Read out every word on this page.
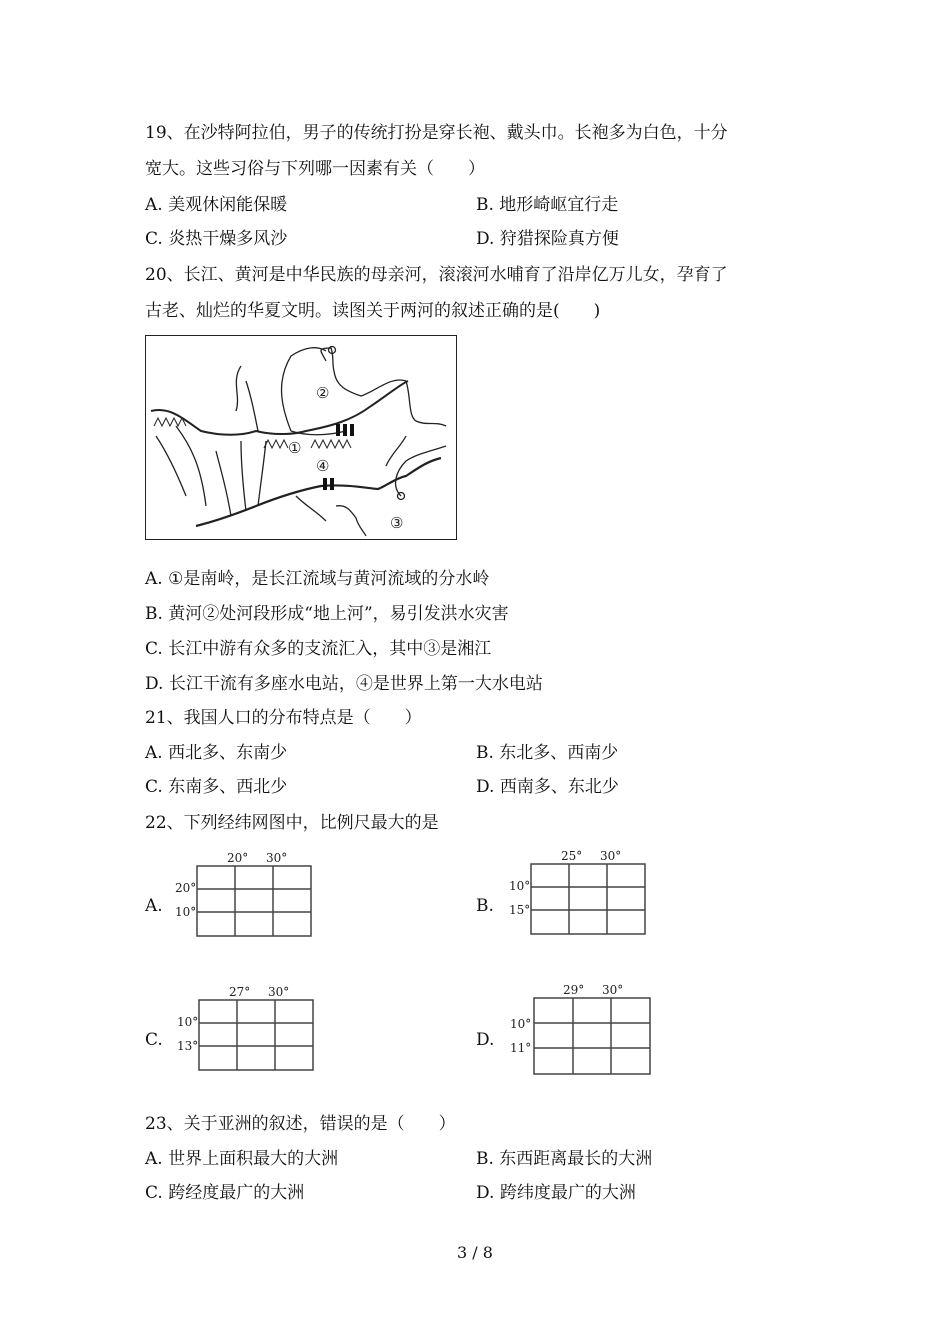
19、在沙特阿拉伯，男子的传统打扮是穿长袍、戴头巾。长袍多为白色，十分
宽大。这些习俗与下列哪一因素有关（　　）
A. 美观休闲能保暖	B. 地形崎岖宜行走
C. 炎热干燥多风沙	D. 狩猎探险真方便
20、长江、黄河是中华民族的母亲河，滚滚河水哺育了沿岸亿万儿女，孕育了
古老、灿烂的华夏文明。读图关于两河的叙述正确的是(　　)
②
①
④
③
A. ①是南岭，是长江流域与黄河流域的分水岭
B. 黄河②处河段形成“地上河”，易引发洪水灾害
C. 长江中游有众多的支流汇入，其中③是湘江
D. 长江干流有多座水电站，④是世界上第一大水电站
21、我国人口的分布特点是（　　）
A. 西北多、东南少	B. 东北多、西南少
C. 东南多、西北少	D. 西南多、东北少
22、下列经纬网图中，比例尺最大的是
A.
20° 30°
20°
10°	B.
25° 30°
10°
15°
C.
27° 30°
10°
13°	D.
29° 30°
10°
11°
23、关于亚洲的叙述，错误的是（　　）
A. 世界上面积最大的大洲	B. 东西距离最长的大洲
C. 跨经度最广的大洲	D. 跨纬度最广的大洲
3 / 8
